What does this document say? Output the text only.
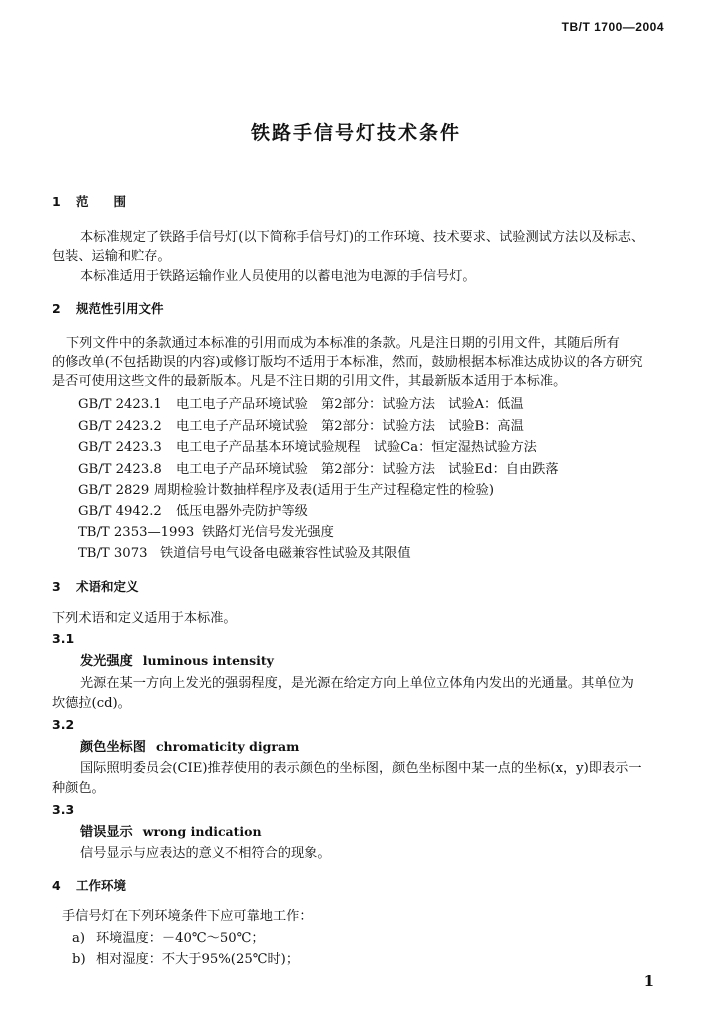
TB/T 1700—2004
铁路手信号灯技术条件
1 范　　围
本标准规定了铁路手信号灯(以下简称手信号灯)的工作环境、技术要求、试验测试方法以及标志、
包装、运输和贮存。
本标准适用于铁路运输作业人员使用的以蓄电池为电源的手信号灯。
2 规范性引用文件
下列文件中的条款通过本标准的引用而成为本标准的条款。凡是注日期的引用文件，其随后所有
的修改单(不包括勘误的内容)或修订版均不适用于本标准，然而，鼓励根据本标准达成协议的各方研究
是否可使用这些文件的最新版本。凡是不注日期的引用文件，其最新版本适用于本标准。
GB/T 2423.1 电工电子产品环境试验　第2部分：试验方法　试验A：低温
GB/T 2423.2 电工电子产品环境试验　第2部分：试验方法　试验B：高温
GB/T 2423.3 电工电子产品基本环境试验规程　试验Ca：恒定湿热试验方法
GB/T 2423.8 电工电子产品环境试验　第2部分：试验方法　试验Ed：自由跌落
GB/T 2829 周期检验计数抽样程序及表(适用于生产过程稳定性的检验)
GB/T 4942.2 低压电器外壳防护等级
TB/T 2353—1993 铁路灯光信号发光强度
TB/T 3073 铁道信号电气设备电磁兼容性试验及其限值
3 术语和定义
下列术语和定义适用于本标准。
3.1
发光强度 luminous intensity
光源在某一方向上发光的强弱程度，是光源在给定方向上单位立体角内发出的光通量。其单位为
坎德拉(cd)。
3.2
颜色坐标图 chromaticity digram
国际照明委员会(CIE)推荐使用的表示颜色的坐标图，颜色坐标图中某一点的坐标(x，y)即表示一
种颜色。
3.3
错误显示 wrong indication
信号显示与应表达的意义不相符合的现象。
4 工作环境
手信号灯在下列环境条件下应可靠地工作：
a) 环境温度：－40℃～50℃；
b) 相对湿度：不大于95%(25℃时)；
1
